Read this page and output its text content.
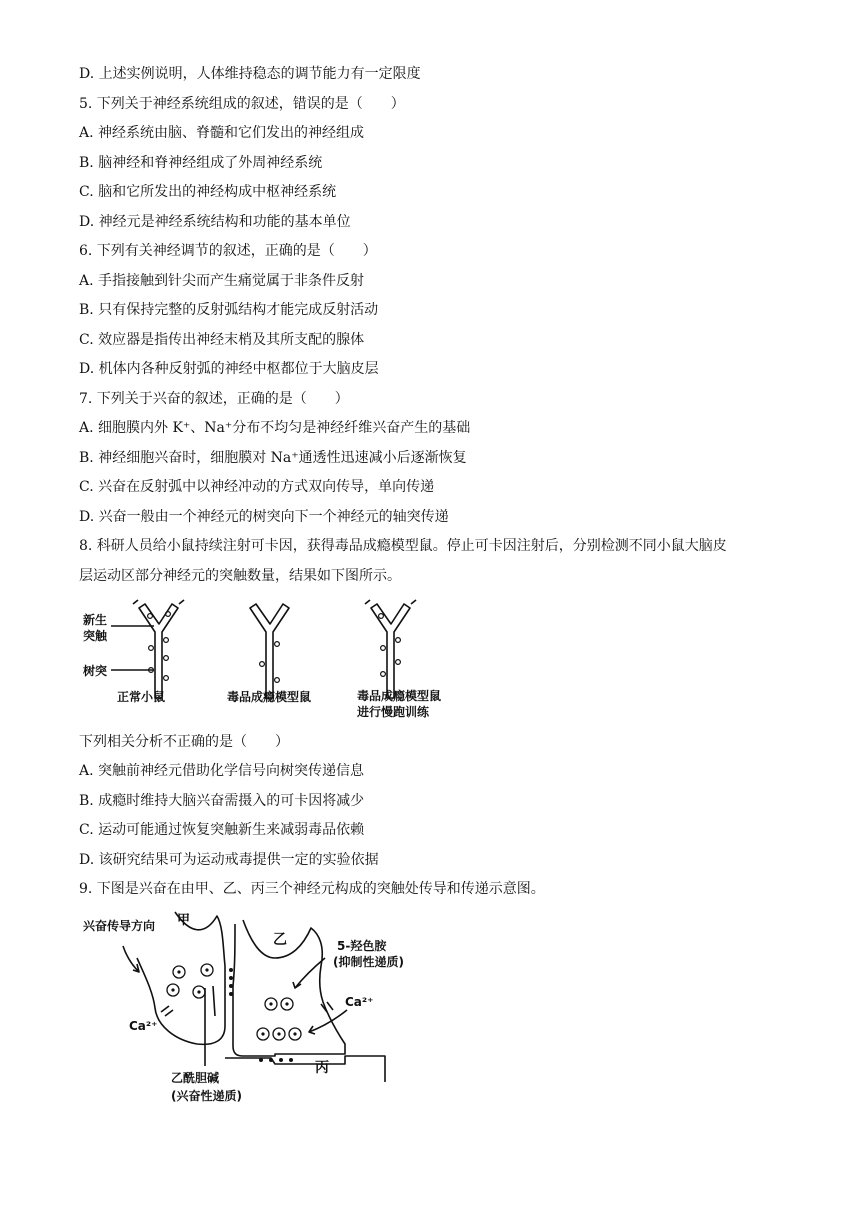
D. 上述实例说明，人体维持稳态的调节能力有一定限度
5. 下列关于神经系统组成的叙述，错误的是（　　）
A. 神经系统由脑、脊髓和它们发出的神经组成
B. 脑神经和脊神经组成了外周神经系统
C. 脑和它所发出的神经构成中枢神经系统
D. 神经元是神经系统结构和功能的基本单位
6. 下列有关神经调节的叙述，正确的是（　　）
A. 手指接触到针尖而产生痛觉属于非条件反射
B. 只有保持完整的反射弧结构才能完成反射活动
C. 效应器是指传出神经末梢及其所支配的腺体
D. 机体内各种反射弧的神经中枢都位于大脑皮层
7. 下列关于兴奋的叙述，正确的是（　　）
A. 细胞膜内外 K⁺、Na⁺分布不均匀是神经纤维兴奋产生的基础
B. 神经细胞兴奋时，细胞膜对 Na⁺通透性迅速减小后逐渐恢复
C. 兴奋在反射弧中以神经冲动的方式双向传导，单向传递
D. 兴奋一般由一个神经元的树突向下一个神经元的轴突传递
8. 科研人员给小鼠持续注射可卡因，获得毒品成瘾模型鼠。停止可卡因注射后，分别检测不同小鼠大脑皮
层运动区部分神经元的突触数量，结果如下图所示。
新生
突触
树突
正常小鼠	毒品成瘾模型鼠	毒品成瘾模型鼠
进行慢跑训练
下列相关分析不正确的是（　　）
A. 突触前神经元借助化学信号向树突传递信息
B. 成瘾时维持大脑兴奋需摄入的可卡因将减少
C. 运动可能通过恢复突触新生来减弱毒品依赖
D. 该研究结果可为运动戒毒提供一定的实验依据
9. 下图是兴奋在由甲、乙、丙三个神经元构成的突触处传导和传递示意图。
兴奋传导方向 甲
乙
丙
5-羟色胺
(抑制性递质)
Ca²⁺
Ca²⁺
乙酰胆碱
(兴奋性递质)
